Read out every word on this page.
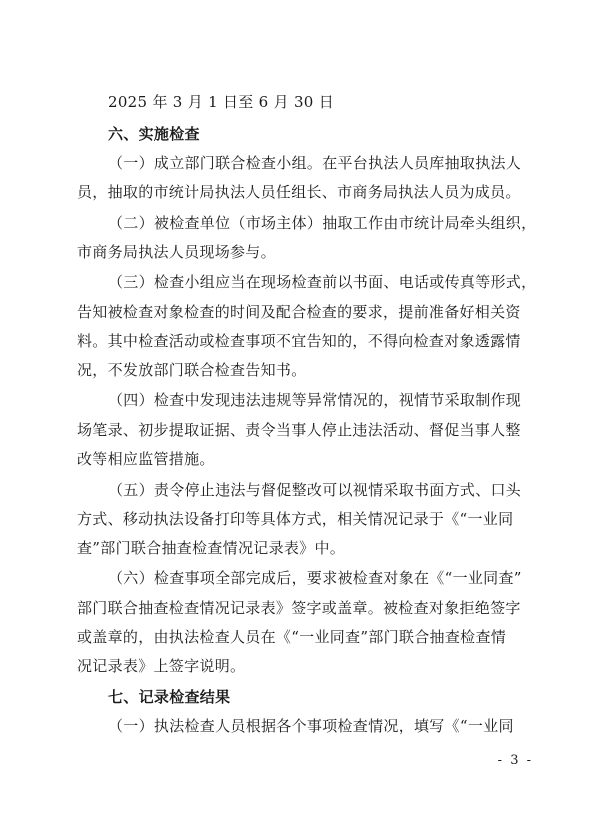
2025 年 3 月 1 日至 6 月 30 日
六、实施检查
（一）成立部门联合检查小组。在平台执法人员库抽取执法人
员，抽取的市统计局执法人员任组长、市商务局执法人员为成员。
（二）被检查单位（市场主体）抽取工作由市统计局牵头组织，
市商务局执法人员现场参与。
（三）检查小组应当在现场检查前以书面、电话或传真等形式，
告知被检查对象检查的时间及配合检查的要求，提前准备好相关资
料。其中检查活动或检查事项不宜告知的，不得向检查对象透露情
况，不发放部门联合检查告知书。
（四）检查中发现违法违规等异常情况的，视情节采取制作现
场笔录、初步提取证据、责令当事人停止违法活动、督促当事人整
改等相应监管措施。
（五）责令停止违法与督促整改可以视情采取书面方式、口头
方式、移动执法设备打印等具体方式，相关情况记录于《“一业同
查”部门联合抽查检查情况记录表》中。
（六）检查事项全部完成后，要求被检查对象在《“一业同查”
部门联合抽查检查情况记录表》签字或盖章。被检查对象拒绝签字
或盖章的，由执法检查人员在《“一业同查”部门联合抽查检查情
况记录表》上签字说明。
七、记录检查结果
（一）执法检查人员根据各个事项检查情况，填写《“一业同
- 3 -
